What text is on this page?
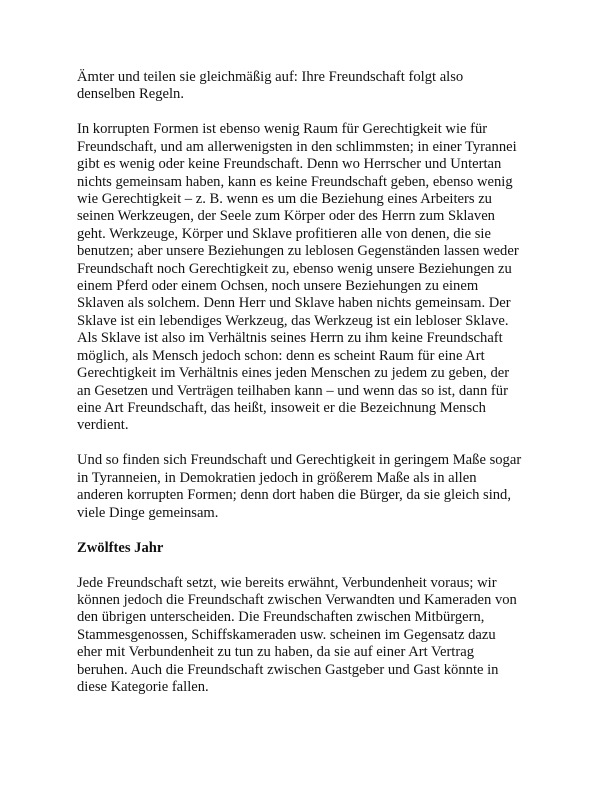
Ämter und teilen sie gleichmäßig auf: Ihre Freundschaft folgt also
denselben Regeln.

In korrupten Formen ist ebenso wenig Raum für Gerechtigkeit wie für
Freundschaft, und am allerwenigsten in den schlimmsten; in einer Tyrannei
gibt es wenig oder keine Freundschaft. Denn wo Herrscher und Untertan
nichts gemeinsam haben, kann es keine Freundschaft geben, ebenso wenig
wie Gerechtigkeit – z. B. wenn es um die Beziehung eines Arbeiters zu
seinen Werkzeugen, der Seele zum Körper oder des Herrn zum Sklaven
geht. Werkzeuge, Körper und Sklave profitieren alle von denen, die sie
benutzen; aber unsere Beziehungen zu leblosen Gegenständen lassen weder
Freundschaft noch Gerechtigkeit zu, ebenso wenig unsere Beziehungen zu
einem Pferd oder einem Ochsen, noch unsere Beziehungen zu einem
Sklaven als solchem. Denn Herr und Sklave haben nichts gemeinsam. Der
Sklave ist ein lebendiges Werkzeug, das Werkzeug ist ein lebloser Sklave.
Als Sklave ist also im Verhältnis seines Herrn zu ihm keine Freundschaft
möglich, als Mensch jedoch schon: denn es scheint Raum für eine Art
Gerechtigkeit im Verhältnis eines jeden Menschen zu jedem zu geben, der
an Gesetzen und Verträgen teilhaben kann – und wenn das so ist, dann für
eine Art Freundschaft, das heißt, insoweit er die Bezeichnung Mensch
verdient.

Und so finden sich Freundschaft und Gerechtigkeit in geringem Maße sogar
in Tyranneien, in Demokratien jedoch in größerem Maße als in allen
anderen korrupten Formen; denn dort haben die Bürger, da sie gleich sind,
viele Dinge gemeinsam.

Zwölftes Jahr

Jede Freundschaft setzt, wie bereits erwähnt, Verbundenheit voraus; wir
können jedoch die Freundschaft zwischen Verwandten und Kameraden von
den übrigen unterscheiden. Die Freundschaften zwischen Mitbürgern,
Stammesgenossen, Schiffskameraden usw. scheinen im Gegensatz dazu
eher mit Verbundenheit zu tun zu haben, da sie auf einer Art Vertrag
beruhen. Auch die Freundschaft zwischen Gastgeber und Gast könnte in
diese Kategorie fallen.
